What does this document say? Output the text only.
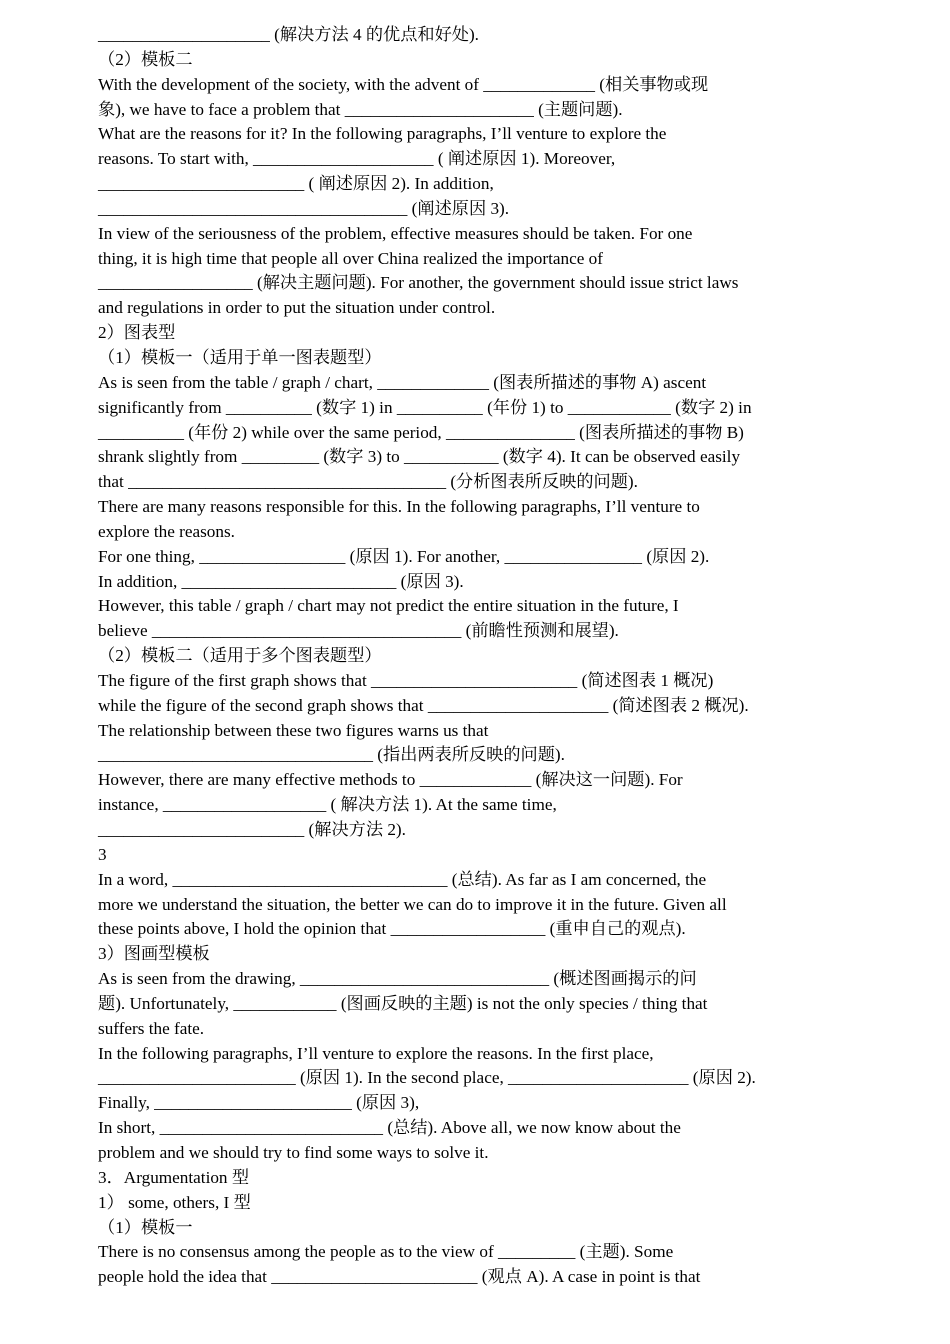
____________________ (解决方法 4 的优点和好处).
（2）模板二
With the development of the society, with the advent of _____________ (相关事物或现
象), we have to face a problem that ______________________ (主题问题).
What are the reasons for it? In the following paragraphs, I’ll venture to explore the
reasons. To start with, _____________________ ( 阐述原因 1). Moreover,
________________________ ( 阐述原因 2). In addition,
____________________________________ (阐述原因 3).
In view of the seriousness of the problem, effective measures should be taken. For one
thing, it is high time that people all over China realized the importance of
__________________ (解决主题问题). For another, the government should issue strict laws
and regulations in order to put the situation under control.
2）图表型
（1）模板一（适用于单一图表题型）
As is seen from the table / graph / chart, _____________ (图表所描述的事物 A) ascent
significantly from __________ (数字 1) in __________ (年份 1) to ____________ (数字 2) in
__________ (年份 2) while over the same period, _______________ (图表所描述的事物 B)
shrank slightly from _________ (数字 3) to ___________ (数字 4). It can be observed easily
that _____________________________________ (分析图表所反映的问题).
There are many reasons responsible for this. In the following paragraphs, I’ll venture to
explore the reasons.
For one thing, _________________ (原因 1). For another, ________________ (原因 2).
In addition, _________________________ (原因 3).
However, this table / graph / chart may not predict the entire situation in the future, I
believe ____________________________________ (前瞻性预测和展望).
（2）模板二（适用于多个图表题型）
The figure of the first graph shows that ________________________ (简述图表 1 概况)
while the figure of the second graph shows that _____________________ (简述图表 2 概况).
The relationship between these two figures warns us that
________________________________ (指出两表所反映的问题).
However, there are many effective methods to _____________ (解决这一问题). For
instance, ___________________ ( 解决方法 1). At the same time,
________________________ (解决方法 2).
3
In a word, ________________________________ (总结). As far as I am concerned, the
more we understand the situation, the better we can do to improve it in the future. Given all
these points above, I hold the opinion that __________________ (重申自己的观点).
3）图画型模板
As is seen from the drawing, _____________________________ (概述图画揭示的问
题). Unfortunately, ____________ (图画反映的主题) is not the only species / thing that
suffers the fate.
In the following paragraphs, I’ll venture to explore the reasons. In the first place,
_______________________ (原因 1). In the second place, _____________________ (原因 2).
Finally, _______________________ (原因 3),
In short, __________________________ (总结). Above all, we now know about the
problem and we should try to find some ways to solve it.
3．Argumentation 型
1） some, others, I 型
（1）模板一
There is no consensus among the people as to the view of _________ (主题). Some
people hold the idea that ________________________ (观点 A). A case in point is that
